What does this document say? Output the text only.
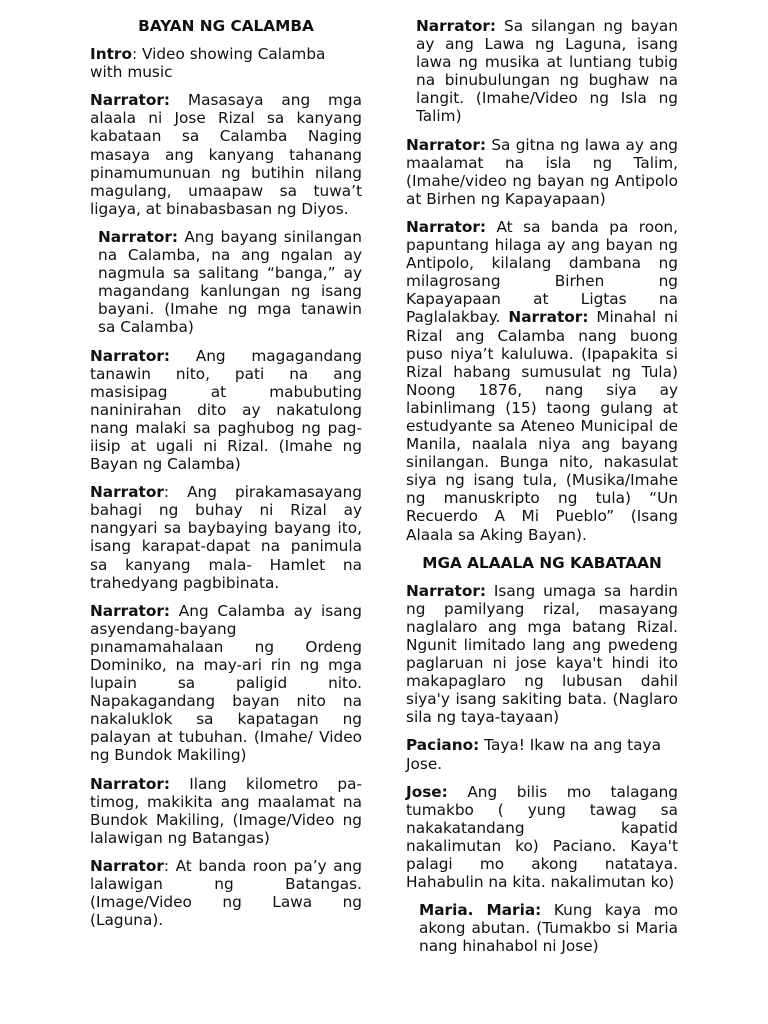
BAYAN NG CALAMBA

Intro: Video showing Calamba with music

Narrator: Masasaya ang mga alaala ni Jose Rizal sa kanyang kabataan sa Calamba Naging masaya ang kanyang tahanang pinamumunuan ng butihin nilang magulang, umaapaw sa tuwa’t ligaya, at binabasbasan ng Diyos.

Narrator: Ang bayang sinilangan na Calamba, na ang ngalan ay nagmula sa salitang “banga,” ay magandang kanlungan ng isang bayani. (Imahe ng mga tanawin sa Calamba)

Narrator: Ang magagandang tanawin nito, pati na ang masisipag at mabubuting naninirahan dito ay nakatulong nang malaki sa paghubog ng pag-iisip at ugali ni Rizal. (Imahe ng Bayan ng Calamba)

Narrator: Ang pirakamasayang bahagi ng buhay ni Rizal ay nangyari sa baybaying bayang ito, isang karapat-dapat na panimula sa kanyang mala- Hamlet na trahedyang pagbibinata.

Narrator: Ang Calamba ay isang asyendang-bayang pınamamahalaan ng Ordeng Dominiko, na may-ari rin ng mga lupain sa paligid nito. Napakagandang bayan nito na nakaluklok sa kapatagan ng palayan at tubuhan. (Imahe/ Video ng Bundok Makiling)

Narrator: Ilang kilometro pa-timog, makikita ang maalamat na Bundok Makiling, (Image/Video ng lalawigan ng Batangas)

Narrator: At banda roon pa’y ang lalawigan ng Batangas. (Image/Video ng Lawa ng (Laguna).

Narrator: Sa silangan ng bayan ay ang Lawa ng Laguna, isang lawa ng musika at luntiang tubig na binubulungan ng bughaw na langit. (Imahe/Video ng Isla ng Talim)

Narrator: Sa gitna ng lawa ay ang maalamat na isla ng Talim, (Imahe/video ng bayan ng Antipolo at Birhen ng Kapayapaan)

Narrator: At sa banda pa roon, papuntang hilaga ay ang bayan ng Antipolo, kilalang dambana ng milagrosang Birhen ng Kapayapaan at Ligtas na Paglalakbay. Narrator: Minahal ni Rizal ang Calamba nang buong puso niya’t kaluluwa. (Ipapakita si Rizal habang sumusulat ng Tula) Noong 1876, nang siya ay labinlimang (15) taong gulang at estudyante sa Ateneo Municipal de Manila, naalala niya ang bayang sinilangan. Bunga nito, nakasulat siya ng isang tula, (Musika/Imahe ng manuskripto ng tula) “Un Recuerdo A Mi Pueblo” (Isang Alaala sa Aking Bayan).

MGA ALAALA NG KABATAAN

Narrator: Isang umaga sa hardin ng pamilyang rizal, masayang naglalaro ang mga batang Rizal. Ngunit limitado lang ang pwedeng paglaruan ni jose kaya't hindi ito makapaglaro ng lubusan dahil siya'y isang sakiting bata. (Naglaro sila ng taya-tayaan)

Paciano: Taya! Ikaw na ang taya Jose.

Jose: Ang bilis mo talagang tumakbo ( yung tawag sa nakakatandang kapatid nakalimutan ko) Paciano. Kaya't palagi mo akong natataya. Hahabulin na kita. nakalimutan ko)

Maria. Maria: Kung kaya mo akong abutan. (Tumakbo si Maria nang hinahabol ni Jose)
